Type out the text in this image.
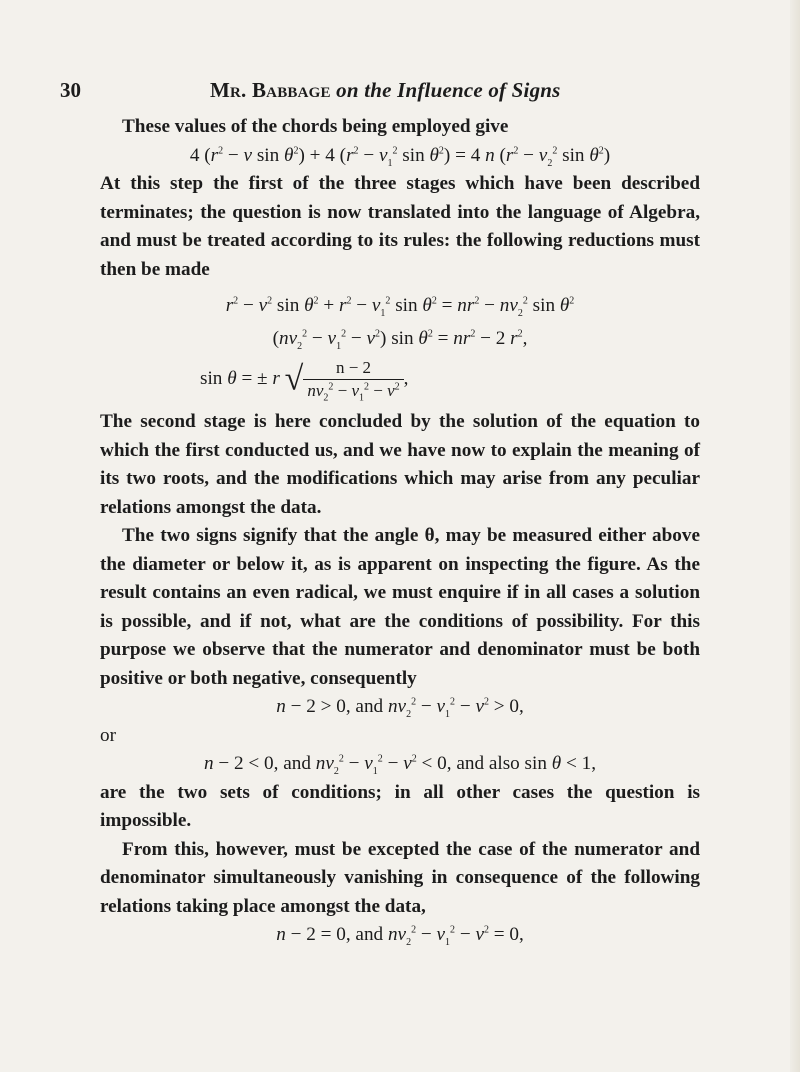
30	Mr. Babbage on the Influence of Signs

These values of the chords being employed give

4 ($r^2 - v$ $\sin \theta^2) + 4$ ($r^2 - v_1^2$ $\sin \theta^2) = 4$ n ($r^2 - v_2^2$ $\sin \theta^2$)

At this step the first of the three stages which have been described terminates; the question is now translated into the language of Algebra, and must be treated according to its rules: the following reductions must then be made

$r^2 - v^2$ $\sin \theta^2 + r^2 - v_1^2$ $\sin \theta^2 = nr^2 - nv_2^2$ $\sin \theta^2$

$(nv_2^2 - v_1^2 - v^2)$ $\sin \theta^2 = nr^2 - 2$ $r^2$,

sin θ = ± r √ $\frac{n - 2}{nv_2^2 - v_1^2 - v^2}$ ,

The second stage is here concluded by the solution of the equation to which the first conducted us, and we have now to explain the meaning of its two roots, and the modifications which may arise from any peculiar relations amongst the data.

The two signs signify that the angle θ, may be measured either above the diameter or below it, as is apparent on inspecting the figure. As the result contains an even radical, we must enquire if in all cases a solution is possible, and if not, what are the conditions of possibility. For this purpose we observe that the numerator and denominator must be both positive or both negative, consequently

n − 2 > 0, and $nv_2^2 - v_1^2 - v^2 > 0$,

or

n − 2 < 0, and $nv_2^2 - v_1^2 - v^2 < 0$, and also sin θ < 1,

are the two sets of conditions; in all other cases the question is impossible.

From this, however, must be excepted the case of the numerator and denominator simultaneously vanishing in consequence of the following relations taking place amongst the data,

n − 2 = 0, and $nv_2^2 - v_1^2 - v^2 = 0$,
